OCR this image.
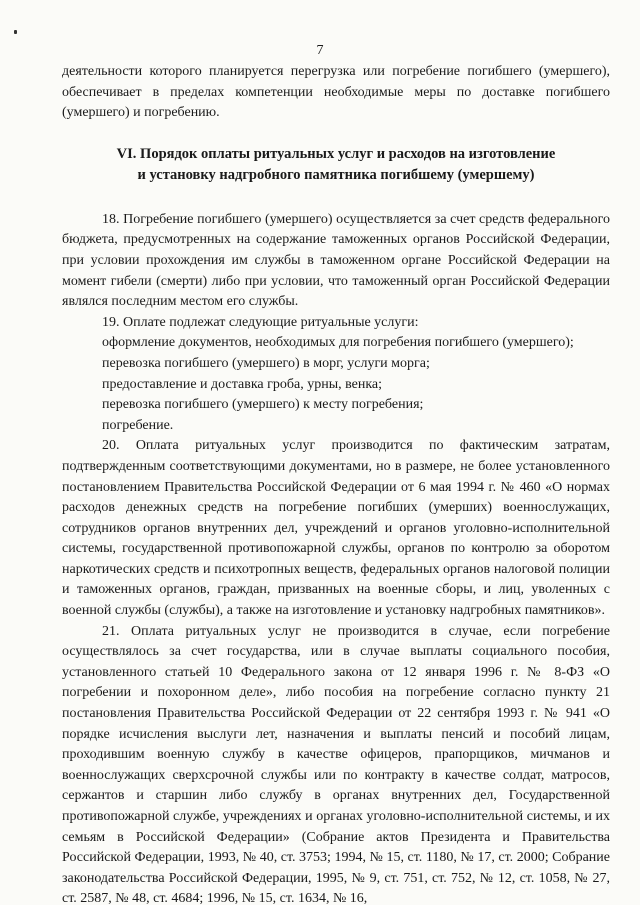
7

деятельности которого планируется перегрузка или погребение погибшего (умершего), обеспечивает в пределах компетенции необходимые меры по доставке погибшего (умершего) и погребению.

VI. Порядок оплаты ритуальных услуг и расходов на изготовление
и установку надгробного памятника погибшему (умершему)

18. Погребение погибшего (умершего) осуществляется за счет средств федерального бюджета, предусмотренных на содержание таможенных органов Российской Федерации, при условии прохождения им службы в таможенном органе Российской Федерации на момент гибели (смерти) либо при условии, что таможенный орган Российской Федерации являлся последним местом его службы.

19. Оплате подлежат следующие ритуальные услуги:

оформление документов, необходимых для погребения погибшего (умершего);

перевозка погибшего (умершего) в морг, услуги морга;

предоставление и доставка гроба, урны, венка;

перевозка погибшего (умершего) к месту погребения;

погребение.

20. Оплата ритуальных услуг производится по фактическим затратам, подтвержденным соответствующими документами, но в размере, не более установленного постановлением Правительства Российской Федерации от 6 мая 1994 г. № 460 «О нормах расходов денежных средств на погребение погибших (умерших) военнослужащих, сотрудников органов внутренних дел, учреждений и органов уголовно-исполнительной системы, государственной противопожарной службы, органов по контролю за оборотом наркотических средств и психотропных веществ, федеральных органов налоговой полиции и таможенных органов, граждан, призванных на военные сборы, и лиц, уволенных с военной службы (службы), а также на изготовление и установку надгробных памятников».

21. Оплата ритуальных услуг не производится в случае, если погребение осуществлялось за счет государства, или в случае выплаты социального пособия, установленного статьей 10 Федерального закона от 12 января 1996 г. № 8-ФЗ «О погребении и похоронном деле», либо пособия на погребение согласно пункту 21 постановления Правительства Российской Федерации от 22 сентября 1993 г. № 941 «О порядке исчисления выслуги лет, назначения и выплаты пенсий и пособий лицам, проходившим военную службу в качестве офицеров, прапорщиков, мичманов и военнослужащих сверхсрочной службы или по контракту в качестве солдат, матросов, сержантов и старшин либо службу в органах внутренних дел, Государственной противопожарной службе, учреждениях и органах уголовно-исполнительной системы, и их семьям в Российской Федерации» (Собрание актов Президента и Правительства Российской Федерации, 1993, № 40, ст. 3753; 1994, № 15, ст. 1180, № 17, ст. 2000; Собрание законодательства Российской Федерации, 1995, № 9, ст. 751, ст. 752, № 12, ст. 1058, № 27, ст. 2587, № 48, ст. 4684; 1996, № 15, ст. 1634, № 16,
